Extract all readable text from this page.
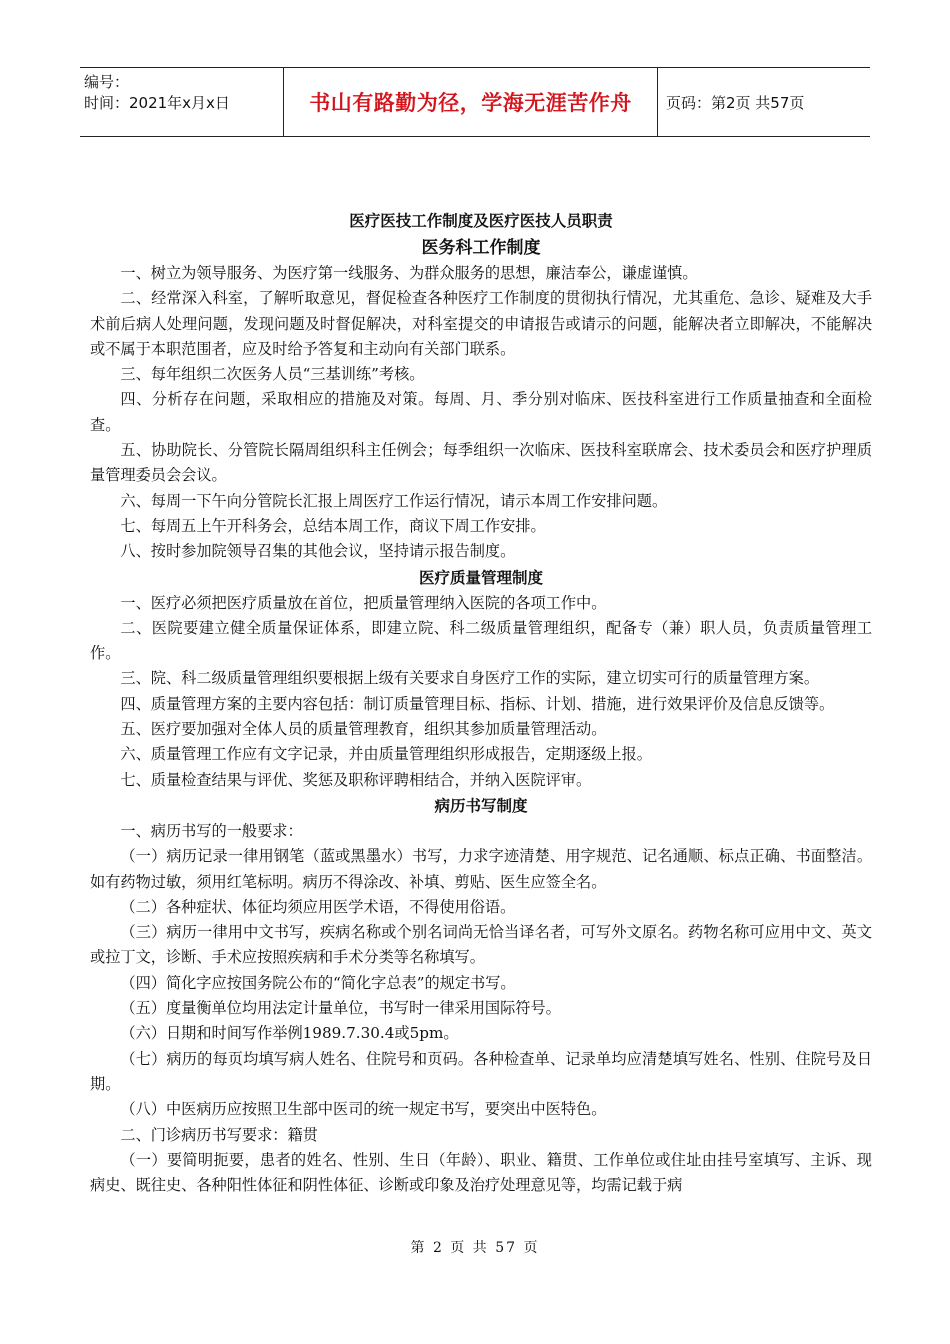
编号：
时间：2021年x月x日	书山有路勤为径，学海无涯苦作舟	页码：第2页 共57页
医疗医技工作制度及医疗医技人员职责
医务科工作制度

一、树立为领导服务、为医疗第一线服务、为群众服务的思想，廉洁奉公，谦虚谨慎。

二、经常深入科室，了解听取意见，督促检查各种医疗工作制度的贯彻执行情况，尤其重危、急诊、疑难及大手术前后病人处理问题，发现问题及时督促解决，对科室提交的申请报告或请示的问题，能解决者立即解决，不能解决或不属于本职范围者，应及时给予答复和主动向有关部门联系。

三、每年组织二次医务人员“三基训练”考核。

四、分析存在问题，采取相应的措施及对策。每周、月、季分别对临床、医技科室进行工作质量抽查和全面检查。

五、协助院长、分管院长隔周组织科主任例会；每季组织一次临床、医技科室联席会、技术委员会和医疗护理质量管理委员会会议。

六、每周一下午向分管院长汇报上周医疗工作运行情况，请示本周工作安排问题。

七、每周五上午开科务会，总结本周工作，商议下周工作安排。

八、按时参加院领导召集的其他会议，坚持请示报告制度。

医疗质量管理制度

一、医疗必须把医疗质量放在首位，把质量管理纳入医院的各项工作中。

二、医院要建立健全质量保证体系，即建立院、科二级质量管理组织，配备专（兼）职人员，负责质量管理工作。

三、院、科二级质量管理组织要根据上级有关要求自身医疗工作的实际，建立切实可行的质量管理方案。

四、质量管理方案的主要内容包括：制订质量管理目标、指标、计划、措施，进行效果评价及信息反馈等。

五、医疗要加强对全体人员的质量管理教育，组织其参加质量管理活动。

六、质量管理工作应有文字记录，并由质量管理组织形成报告，定期逐级上报。

七、质量检查结果与评优、奖惩及职称评聘相结合，并纳入医院评审。

病历书写制度

一、病历书写的一般要求：

（一）病历记录一律用钢笔（蓝或黑墨水）书写，力求字迹清楚、用字规范、记名通顺、标点正确、书面整洁。如有药物过敏，须用红笔标明。病历不得涂改、补填、剪贴、医生应签全名。

（二）各种症状、体征均须应用医学术语，不得使用俗语。

（三）病历一律用中文书写，疾病名称或个别名词尚无恰当译名者，可写外文原名。药物名称可应用中文、英文或拉丁文，诊断、手术应按照疾病和手术分类等名称填写。

（四）简化字应按国务院公布的“简化字总表”的规定书写。

（五）度量衡单位均用法定计量单位，书写时一律采用国际符号。

（六）日期和时间写作举例1989.7.30.4或5pm。

（七）病历的每页均填写病人姓名、住院号和页码。各种检查单、记录单均应清楚填写姓名、性别、住院号及日期。

（八）中医病历应按照卫生部中医司的统一规定书写，要突出中医特色。

二、门诊病历书写要求：籍贯

（一）要简明扼要，患者的姓名、性别、生日（年龄）、职业、籍贯、工作单位或住址由挂号室填写、主诉、现病史、既往史、各种阳性体征和阴性体征、诊断或印象及治疗处理意见等，均需记载于病

第 2 页 共 57 页
